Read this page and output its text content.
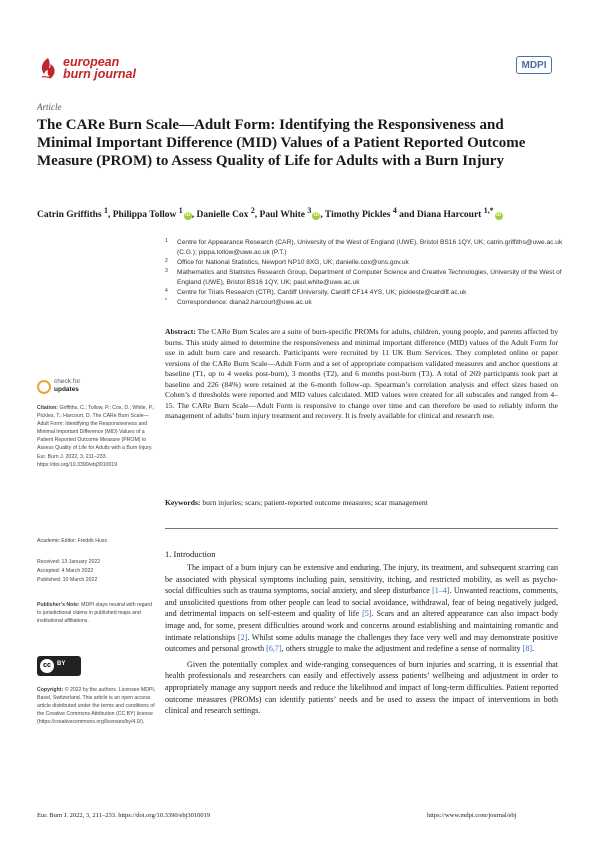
european
burn journal
MDPI
Article
The CARe Burn Scale—Adult Form: Identifying the Responsiveness and Minimal Important Difference (MID) Values of a Patient Reported Outcome Measure (PROM) to Assess Quality of Life for Adults with a Burn Injury
Catrin Griffiths $^1$, Philippa Tollow $^1$iD , Danielle Cox $^2$, Paul White $^3$iD , Timothy Pickles $^4$ and Diana Harcourt $^{1,*}$iD
1 Centre for Appearance Research (CAR), University of the West of England (UWE), Bristol BS16 1QY, UK; catrin.griffiths@uwe.ac.uk (C.G.); pippa.tollow@uwe.ac.uk (P.T.)
2 Office for National Statistics, Newport NP10 8XG, UK; danielle.cox@ons.gov.uk
3 Mathematics and Statistics Research Group, Department of Computer Science and Creative Technologies, University of the West of England (UWE), Bristol BS16 1QY, UK; paul.white@uwe.ac.uk
4 Centre for Trials Research (CTR), Cardiff University, Cardiff CF14 4YS, UK; pickleste@cardiff.ac.uk
* Correspondence: diana2.harcourt@uwe.ac.uk
Abstract: The CARe Burn Scales are a suite of burn-specific PROMs for adults, children, young people, and parents affected by burns. This study aimed to determine the responsiveness and minimal important difference (MID) values of the Adult Form for use in adult burn care and research. Participants were recruited by 11 UK Burn Services. They completed online or paper versions of the CARe Burn Scale—Adult Form and a set of appropriate comparison validated measures and anchor questions at baseline (T1, up to 4 weeks post-burn), 3 months (T2), and 6 months post-burn (T3). A total of 269 participants took part at baseline and 226 (84%) were retained at the 6-month follow-up. Spearman’s correlation analysis and effect sizes based on Cohen’s d thresholds were reported and MID values calculated. MID values were created for all subscales and ranged from 4–15. The CARe Burn Scale—Adult Form is responsive to change over time and can therefore be used to reliably inform the management of adults’ burn injury treatment and recovery. It is freely available for clinical and research use.
Keywords: burn injuries; scars; patient-reported outcome measures; scar management
check for
updates
Citation: Griffiths, C.; Tollow, P.; Cox, D.; White, P.; Pickles, T.; Harcourt, D. The CARe Burn Scale—Adult Form: Identifying the Responsiveness and Minimal Important Difference (MID) Values of a Patient Reported Outcome Measure (PROM) to Assess Quality of Life for Adults with a Burn Injury. Eur. Burn J. 2022, 3, 211–233. https://doi.org/10.3390/ebj3010019
Academic Editor: Fredrik Huss
Received: 13 January 2022
Accepted: 4 March 2022
Published: 10 March 2022
Publisher’s Note: MDPI stays neutral with regard to jurisdictional claims in published maps and institutional affiliations.
cc	BY
Copyright: © 2022 by the authors. Licensee MDPI, Basel, Switzerland. This article is an open access article distributed under the terms and conditions of the Creative Commons Attribution (CC BY) license (https://creativecommons.org/licenses/by/4.0/).
1. Introduction

The impact of a burn injury can be extensive and enduring. The injury, its treatment, and subsequent scarring can be associated with physical symptoms including pain, sensitivity, itching, and restricted mobility, as well as psycho-social difficulties such as trauma symptoms, social anxiety, and sleep disturbance [1–4]. Unwanted reactions, comments, and unsolicited questions from other people can lead to social avoidance, withdrawal, fear of being negatively judged, and detrimental impacts on self-esteem and quality of life [5]. Scars and an altered appearance can also impact body image and, for some, present difficulties around work and concerns around establishing and maintaining romantic and intimate relationships [2]. Whilst some adults manage the challenges they face very well and may demonstrate positive outcomes and personal growth [6,7], others struggle to make the adjustment and redefine a sense of normality [8].

Given the potentially complex and wide-ranging consequences of burn injuries and scarring, it is essential that health professionals and researchers can easily and effectively assess patients’ wellbeing and adjustment in order to appropriately manage any support needs and reduce the likelihood and impact of long-term difficulties. Patient reported outcome measures (PROMs) can identify patients’ needs and be used to assess the impact of interventions in both clinical and research settings.

Eur. Burn J. 2022, 3, 211–233. https://doi.org/10.3390/ebj3010019	https://www.mdpi.com/journal/ebj
